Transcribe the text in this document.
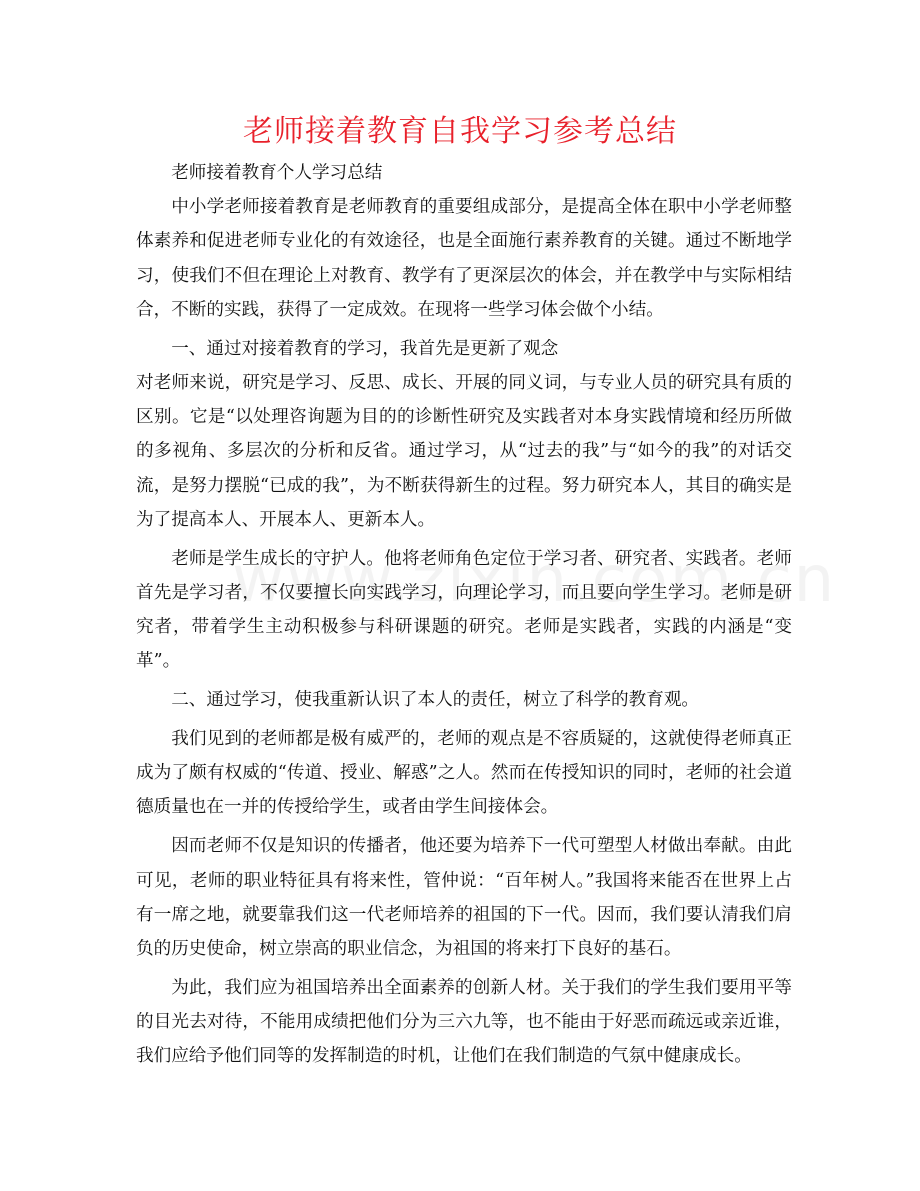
老师接着教育自我学习参考总结

老师接着教育个人学习总结

中小学老师接着教育是老师教育的重要组成部分，是提高全体在职中小学老师整体素养和促进老师专业化的有效途径，也是全面施行素养教育的关键。通过不断地学习，使我们不但在理论上对教育、教学有了更深层次的体会，并在教学中与实际相结合，不断的实践，获得了一定成效。在现将一些学习体会做个小结。

一、通过对接着教育的学习，我首先是更新了观念

对老师来说，研究是学习、反思、成长、开展的同义词，与专业人员的研究具有质的区别。它是“以处理咨询题为目的的诊断性研究及实践者对本身实践情境和经历所做的多视角、多层次的分析和反省。通过学习，从“过去的我”与“如今的我”的对话交流，是努力摆脱“已成的我”，为不断获得新生的过程。努力研究本人，其目的确实是为了提高本人、开展本人、更新本人。

老师是学生成长的守护人。他将老师角色定位于学习者、研究者、实践者。老师首先是学习者，不仅要擅长向实践学习，向理论学习，而且要向学生学习。老师是研究者，带着学生主动积极参与科研课题的研究。老师是实践者，实践的内涵是“变革”。

二、通过学习，使我重新认识了本人的责任，树立了科学的教育观。

我们见到的老师都是极有威严的，老师的观点是不容质疑的，这就使得老师真正成为了颇有权威的“传道、授业、解惑”之人。然而在传授知识的同时，老师的社会道德质量也在一并的传授给学生，或者由学生间接体会。

因而老师不仅是知识的传播者，他还要为培养下一代可塑型人材做出奉献。由此可见，老师的职业特征具有将来性，管仲说：“百年树人。”我国将来能否在世界上占有一席之地，就要靠我们这一代老师培养的祖国的下一代。因而，我们要认清我们肩负的历史使命，树立崇高的职业信念，为祖国的将来打下良好的基石。

为此，我们应为祖国培养出全面素养的创新人材。关于我们的学生我们要用平等的目光去对待，不能用成绩把他们分为三六九等，也不能由于好恶而疏远或亲近谁，我们应给予他们同等的发挥制造的时机，让他们在我们制造的气氛中健康成长。
